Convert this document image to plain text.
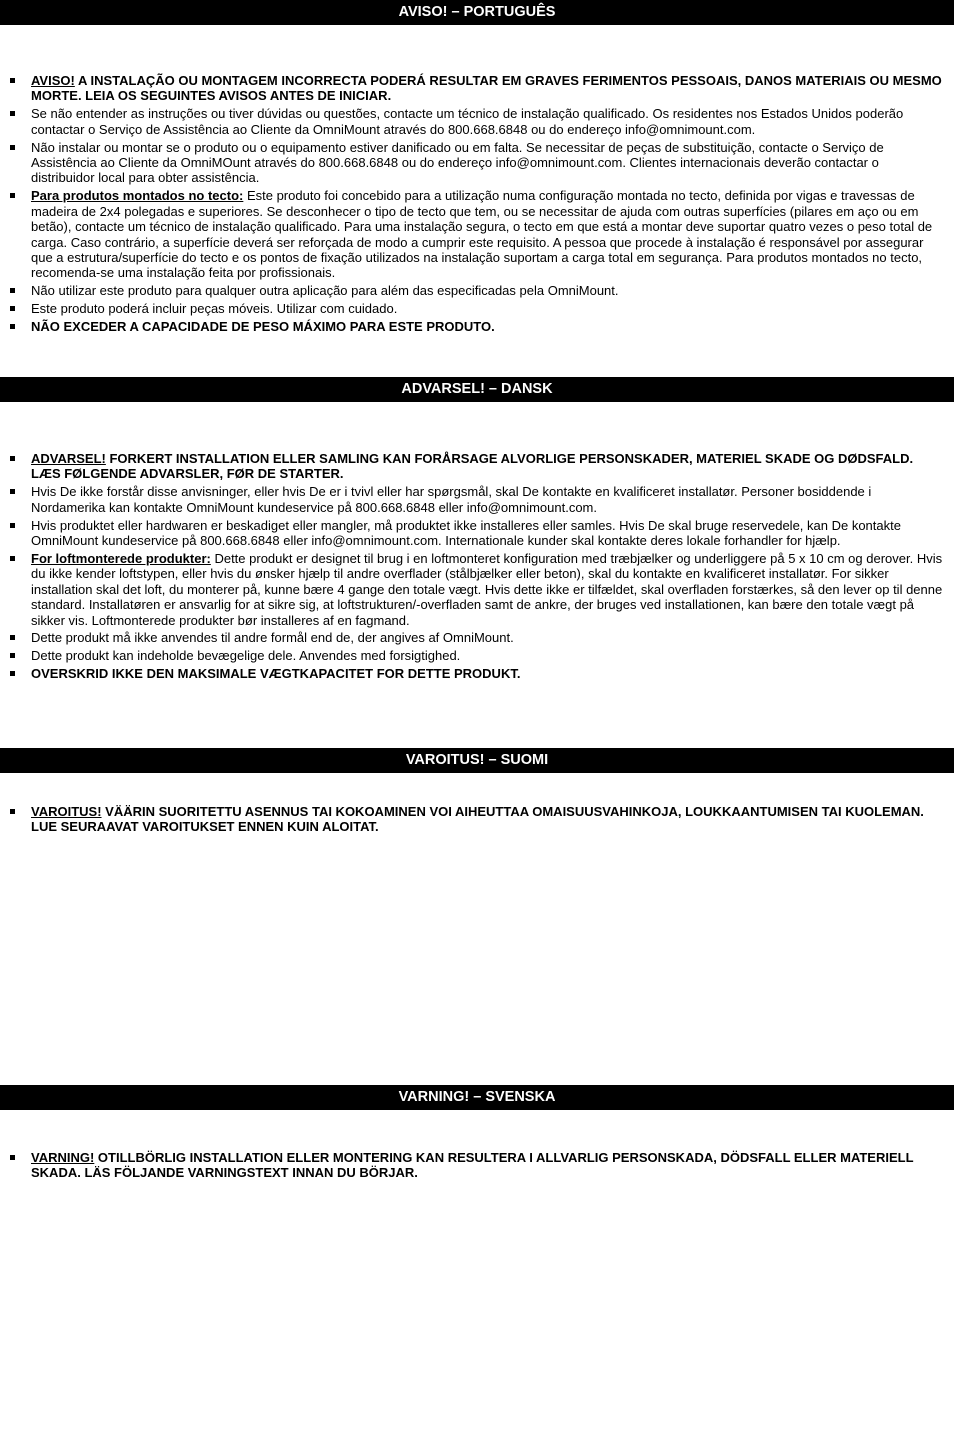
AVISO! – PORTUGUÊS
AVISO! A INSTALAÇÃO OU MONTAGEM INCORRECTA PODERÁ RESULTAR EM GRAVES FERIMENTOS PESSOAIS, DANOS MATERIAIS OU MESMO MORTE. LEIA OS SEGUINTES AVISOS ANTES DE INICIAR.
Se não entender as instruções ou tiver dúvidas ou questões, contacte um técnico de instalação qualificado. Os residentes nos Estados Unidos poderão contactar o Serviço de Assistência ao Cliente da OmniMount através do 800.668.6848 ou do endereço info@omnimount.com.
Não instalar ou montar se o produto ou o equipamento estiver danificado ou em falta. Se necessitar de peças de substituição, contacte o Serviço de Assistência ao Cliente da OmniMOunt através do 800.668.6848 ou do endereço info@omnimount.com. Clientes internacionais deverão contactar o distribuidor local para obter assistência.
Para produtos montados no tecto: Este produto foi concebido para a utilização numa configuração montada no tecto, definida por vigas e travessas de madeira de 2x4 polegadas e superiores. Se desconhecer o tipo de tecto que tem, ou se necessitar de ajuda com outras superfícies (pilares em aço ou em betão), contacte um técnico de instalação qualificado. Para uma instalação segura, o tecto em que está a montar deve suportar quatro vezes o peso total de carga. Caso contrário, a superfície deverá ser reforçada de modo a cumprir este requisito. A pessoa que procede à instalação é responsável por assegurar que a estrutura/superfície do tecto e os pontos de fixação utilizados na instalação suportam a carga total em segurança. Para produtos montados no tecto, recomenda-se uma instalação feita por profissionais.
Não utilizar este produto para qualquer outra aplicação para além das especificadas pela OmniMount.
Este produto poderá incluir peças móveis. Utilizar com cuidado.
NÃO EXCEDER A CAPACIDADE DE PESO MÁXIMO PARA ESTE PRODUTO.
ADVARSEL! – DANSK
ADVARSEL! FORKERT INSTALLATION ELLER SAMLING KAN FORÅRSAGE ALVORLIGE PERSONSKADER, MATERIEL SKADE OG DØDSFALD. LÆS FØLGENDE ADVARSLER, FØR DE STARTER.
Hvis De ikke forstår disse anvisninger, eller hvis De er i tvivl eller har spørgsmål, skal De kontakte en kvalificeret installatør. Personer bosiddende i Nordamerika kan kontakte OmniMount kundeservice på 800.668.6848 eller info@omnimount.com.
Hvis produktet eller hardwaren er beskadiget eller mangler, må produktet ikke installeres eller samles. Hvis De skal bruge reservedele, kan De kontakte OmniMount kundeservice på 800.668.6848 eller info@omnimount.com. Internationale kunder skal kontakte deres lokale forhandler for hjælp.
For loftmonterede produkter: Dette produkt er designet til brug i en loftmonteret konfiguration med træbjælker og underliggere på 5 x 10 cm og derover. Hvis du ikke kender loftstypen, eller hvis du ønsker hjælp til andre overflader (stålbjælker eller beton), skal du kontakte en kvalificeret installatør. For sikker installation skal det loft, du monterer på, kunne bære 4 gange den totale vægt. Hvis dette ikke er tilfældet, skal overfladen forstærkes, så den lever op til denne standard. Installatøren er ansvarlig for at sikre sig, at loftstrukturen/-overfladen samt de ankre, der bruges ved installationen, kan bære den totale vægt på sikker vis. Loftmonterede produkter bør installeres af en fagmand.
Dette produkt må ikke anvendes til andre formål end de, der angives af OmniMount.
Dette produkt kan indeholde bevægelige dele. Anvendes med forsigtighed.
OVERSKRID IKKE DEN MAKSIMALE VÆGTKAPACITET FOR DETTE PRODUKT.
VAROITUS! – SUOMI
VAROITUS! VÄÄRIN SUORITETTU ASENNUS TAI KOKOAMINEN VOI AIHEUTTAA OMAISUUSVAHINKOJA, LOUKKAANTUMISEN TAI KUOLEMAN. LUE SEURAAVAT VAROITUKSET ENNEN KUIN ALOITAT.
VARNING! – SVENSKA
VARNING! OTILLBÖRLIG INSTALLATION ELLER MONTERING KAN RESULTERA I ALLVARLIG PERSONSKADA, DÖDSFALL ELLER MATERIELL SKADA. LÄS FÖLJANDE VARNINGSTEXT INNAN DU BÖRJAR.
